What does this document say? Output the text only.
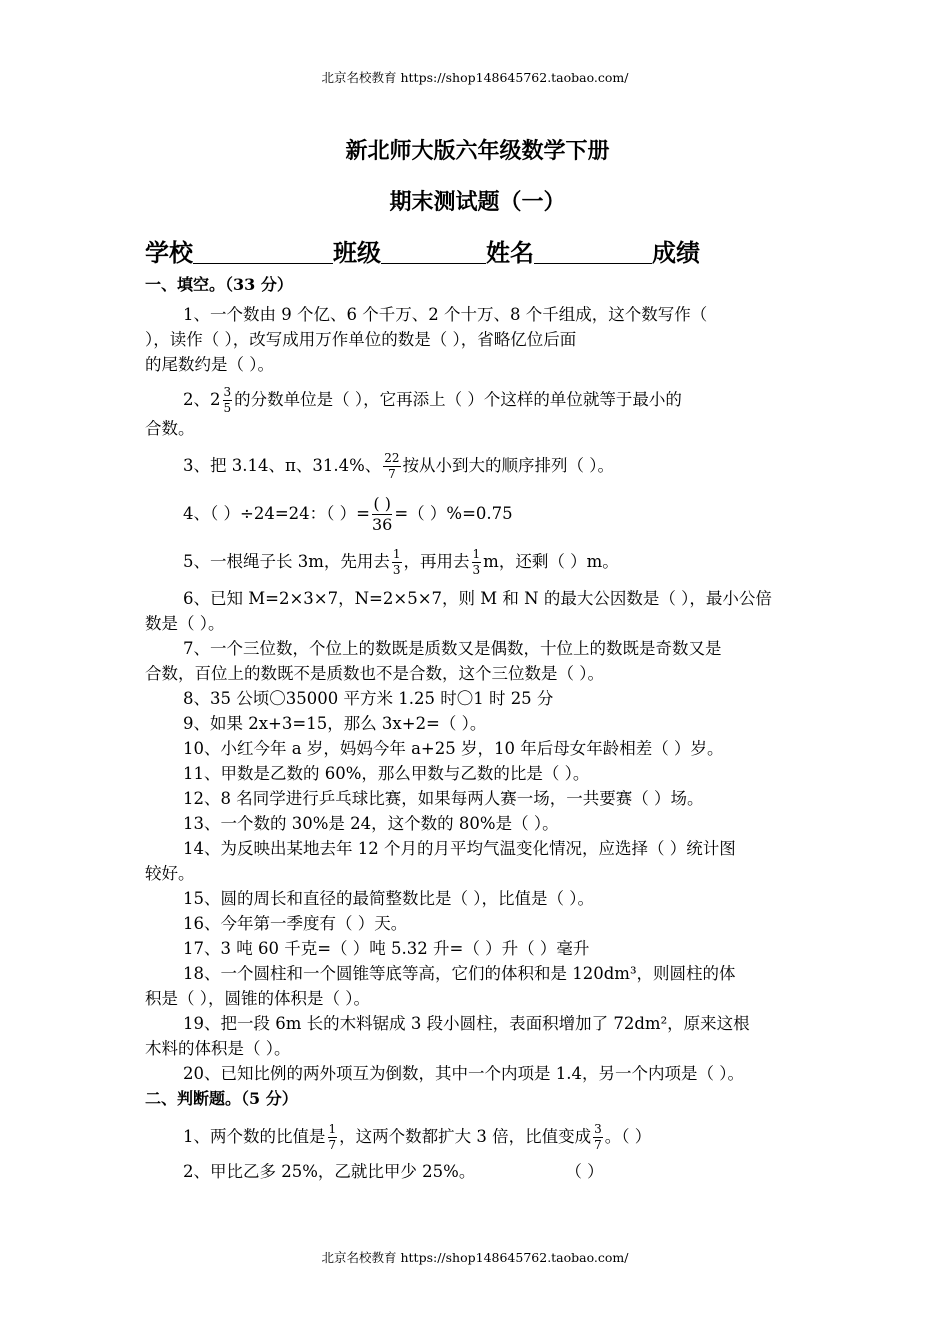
北京名校教育 https://shop148645762.taobao.com/
新北师大版六年级数学下册
期末测试题（一）
学校	班级	姓名	成绩
一、填空。（33 分）

1、一个数由 9 个亿、6 个千万、2 个十万、8 个千组成，这个数写作（

），读作（ ），改写成用万作单位的数是（ ），省略亿位后面

的尾数约是（ ）。

2、$2 \frac{3}{5}$ 的分数单位是（ ），它再添上（ ）个这样的单位就等于最小的

合数。

3、把 3.14、π、31.4%、 $\frac{22}{7}$ 按从小到大的顺序排列（ ）。

4、（ ）÷24=24：（ ）= $\frac{( )}{36}$ =（ ）%=0.75

5、一根绳子长 3m，先用去 $\frac{1}{3}$ ，再用去 $\frac{1}{3}$ m，还剩（ ）m。

6、已知 M=2×3×7，N=2×5×7，则 M 和 N 的最大公因数是（ ），最小公倍

数是（ ）。

7、一个三位数，个位上的数既是质数又是偶数，十位上的数既是奇数又是

合数，百位上的数既不是质数也不是合数，这个三位数是（ ）。

8、35 公顷〇35000 平方米 1.25 时〇1 时 25 分

9、如果 2x+3=15，那么 3x+2=（ ）。

10、小红今年 a 岁，妈妈今年 a+25 岁，10 年后母女年龄相差（ ）岁。

11、甲数是乙数的 60%，那么甲数与乙数的比是（ ）。

12、8 名同学进行乒乓球比赛，如果每两人赛一场，一共要赛（ ）场。

13、一个数的 30%是 24，这个数的 80%是（ ）。

14、为反映出某地去年 12 个月的月平均气温变化情况，应选择（ ）统计图

较好。

15、圆的周长和直径的最简整数比是（ ），比值是（ ）。

16、今年第一季度有（ ）天。

17、3 吨 60 千克=（ ）吨 5.32 升=（ ）升（ ）毫升

18、一个圆柱和一个圆锥等底等高，它们的体积和是 120dm³，则圆柱的体

积是（ ），圆锥的体积是（ ）。

19、把一段 6m 长的木料锯成 3 段小圆柱，表面积增加了 72dm²，原来这根

木料的体积是（ ）。

20、已知比例的两外项互为倒数，其中一个内项是 1.4，另一个内项是（ ）。

二、判断题。（5 分）

1、两个数的比值是 $\frac{1}{7}$ ，这两个数都扩大 3 倍，比值变成 $\frac{3}{7}$ 。（ ）

2、甲比乙多 25%，乙就比甲少 25%。	（ ）

北京名校教育 https://shop148645762.taobao.com/
